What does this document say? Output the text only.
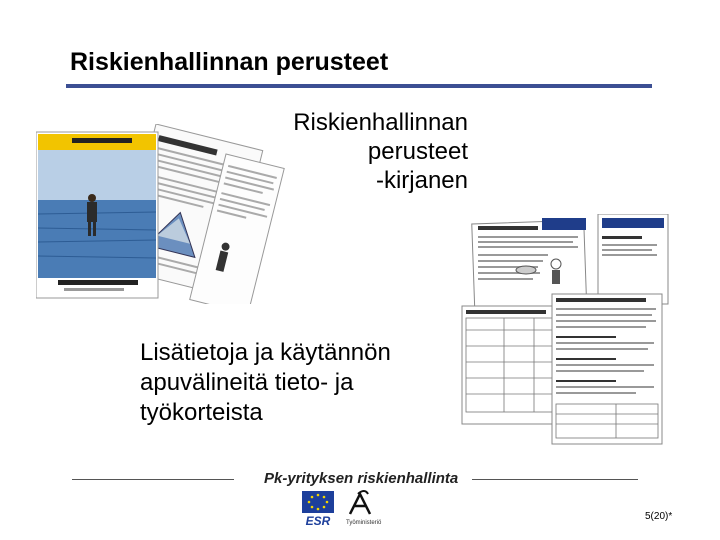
Riskienhallinnan perusteet
Riskienhallinnan
perusteet
-kirjanen
Lisätietoja ja käytännön
apuvälineitä tieto- ja
työkorteista
Pk-yrityksen riskienhallinta
ESR	Työministeriö
5(20)*
